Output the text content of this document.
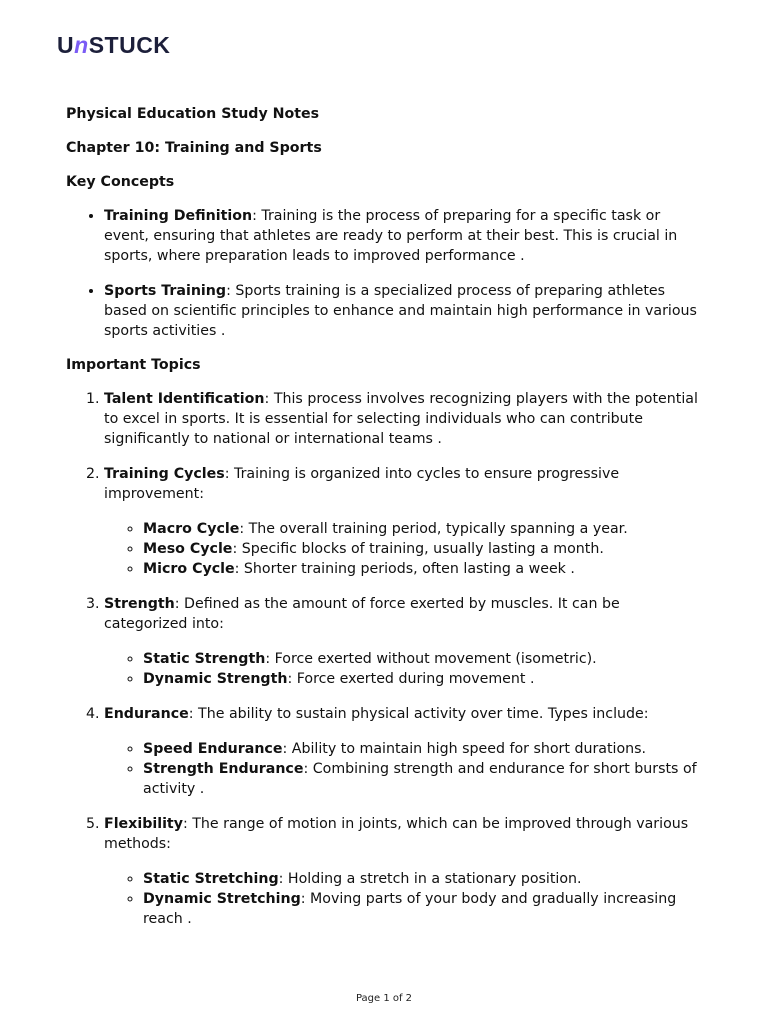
U n STUCK

Physical Education Study Notes

Chapter 10: Training and Sports

Key Concepts

• Training Definition: Training is the process of preparing for a specific task or event, ensuring that athletes are ready to perform at their best. This is crucial in sports, where preparation leads to improved performance .
• Sports Training: Sports training is a specialized process of preparing athletes based on scientific principles to enhance and maintain high performance in various sports activities .

Important Topics

1. Talent Identification: This process involves recognizing players with the potential to excel in sports. It is essential for selecting individuals who can contribute significantly to national or international teams .
2. Training Cycles: Training is organized into cycles to ensure progressive improvement:
◦ Macro Cycle: The overall training period, typically spanning a year.
◦ Meso Cycle: Specific blocks of training, usually lasting a month.
◦ Micro Cycle: Shorter training periods, often lasting a week .
3. Strength: Defined as the amount of force exerted by muscles. It can be categorized into:
◦ Static Strength: Force exerted without movement (isometric).
◦ Dynamic Strength: Force exerted during movement .
4. Endurance: The ability to sustain physical activity over time. Types include:
◦ Speed Endurance: Ability to maintain high speed for short durations.
◦ Strength Endurance: Combining strength and endurance for short bursts of activity .
5. Flexibility: The range of motion in joints, which can be improved through various methods:
◦ Static Stretching: Holding a stretch in a stationary position.
◦ Dynamic Stretching: Moving parts of your body and gradually increasing reach .
Page 1 of 2
